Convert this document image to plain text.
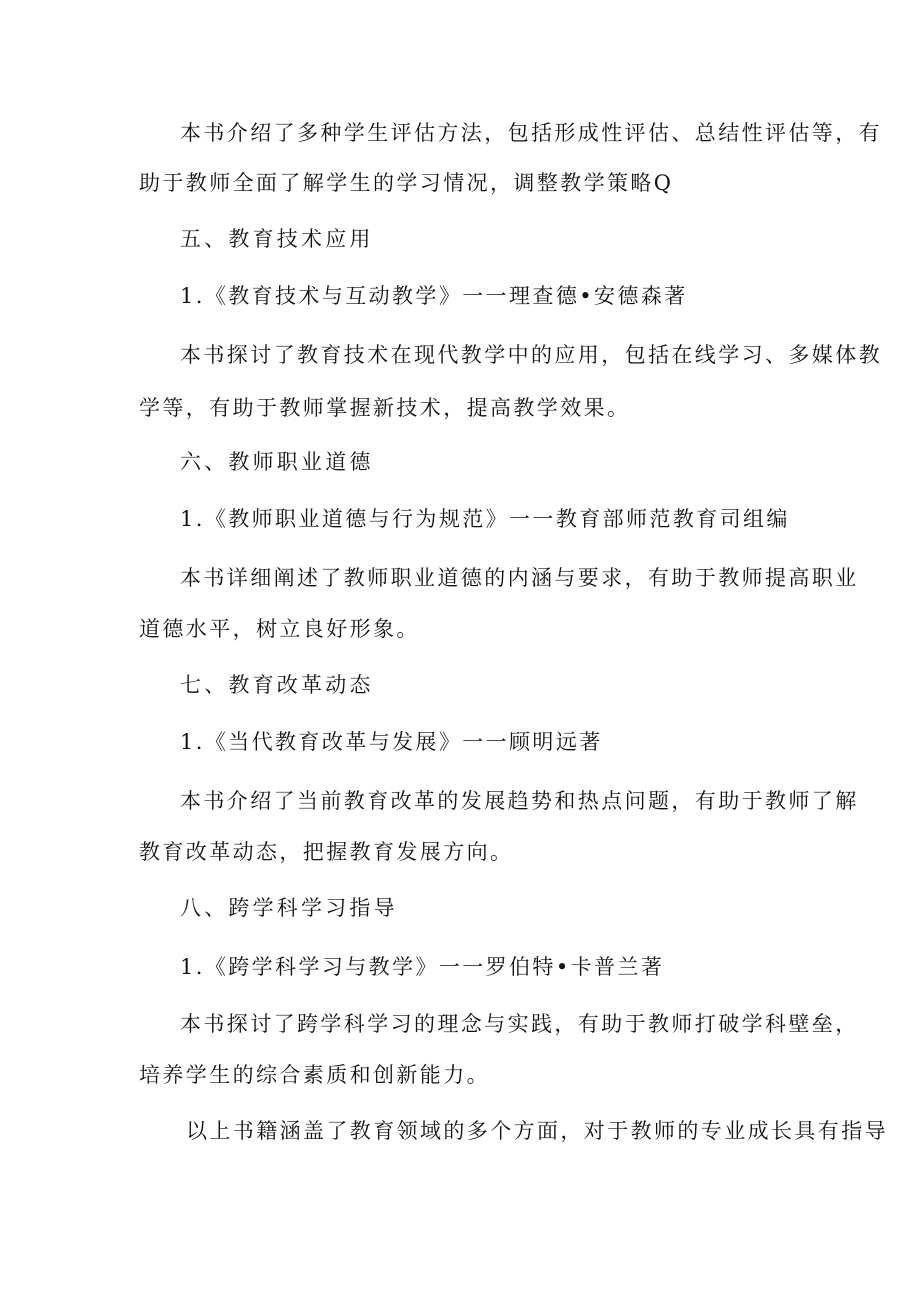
本书介绍了多种学生评估方法，包括形成性评估、总结性评估等，有
助于教师全面了解学生的学习情况，调整教学策略Q
五、教育技术应用
1.《教育技术与互动教学》一一理查德•安德森著
本书探讨了教育技术在现代教学中的应用，包括在线学习、多媒体教
学等，有助于教师掌握新技术，提高教学效果。
六、教师职业道德
1.《教师职业道德与行为规范》一一教育部师范教育司组编
本书详细阐述了教师职业道德的内涵与要求，有助于教师提高职业
道德水平，树立良好形象。
七、教育改革动态
1.《当代教育改革与发展》一一顾明远著
本书介绍了当前教育改革的发展趋势和热点问题，有助于教师了解
教育改革动态，把握教育发展方向。
八、跨学科学习指导
1.《跨学科学习与教学》一一罗伯特•卡普兰著
本书探讨了跨学科学习的理念与实践，有助于教师打破学科壁垒，
培养学生的综合素质和创新能力。
以上书籍涵盖了教育领域的多个方面，对于教师的专业成长具有指导
